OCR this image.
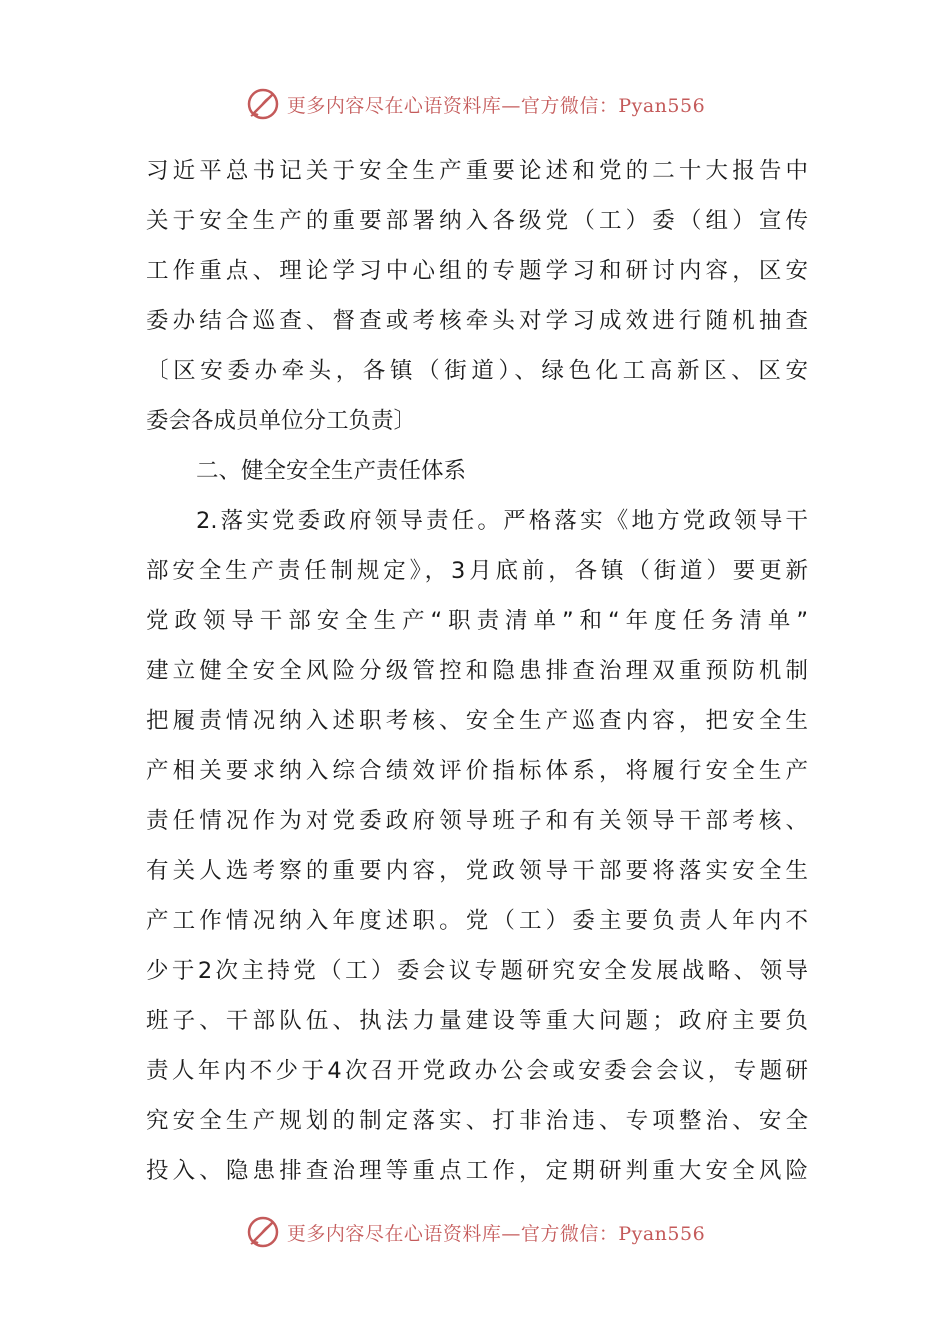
更多内容尽在心语资料库—官方微信：Pyan556
习近平总书记关于安全生产重要论述和党的二十大报告中
关于安全生产的重要部署纳入各级党（工）委（组）宣传
工作重点、理论学习中心组的专题学习和研讨内容，区安
委办结合巡查、督查或考核牵头对学习成效进行随机抽查
〔区安委办牵头，各镇（街道）、绿色化工高新区、区安
委会各成员单位分工负责〕
二、健全安全生产责任体系
2.落实党委政府领导责任。严格落实《地方党政领导干
部安全生产责任制规定》，3月底前，各镇（街道）要更新
党政领导干部安全生产“职责清单”和“年度任务清单”
建立健全安全风险分级管控和隐患排查治理双重预防机制
把履责情况纳入述职考核、安全生产巡查内容，把安全生
产相关要求纳入综合绩效评价指标体系，将履行安全生产
责任情况作为对党委政府领导班子和有关领导干部考核、
有关人选考察的重要内容，党政领导干部要将落实安全生
产工作情况纳入年度述职。党（工）委主要负责人年内不
少于2次主持党（工）委会议专题研究安全发展战略、领导
班子、干部队伍、执法力量建设等重大问题；政府主要负
责人年内不少于4次召开党政办公会或安委会会议，专题研
究安全生产规划的制定落实、打非治违、专项整治、安全
投入、隐患排查治理等重点工作，定期研判重大安全风险
更多内容尽在心语资料库—官方微信：Pyan556
